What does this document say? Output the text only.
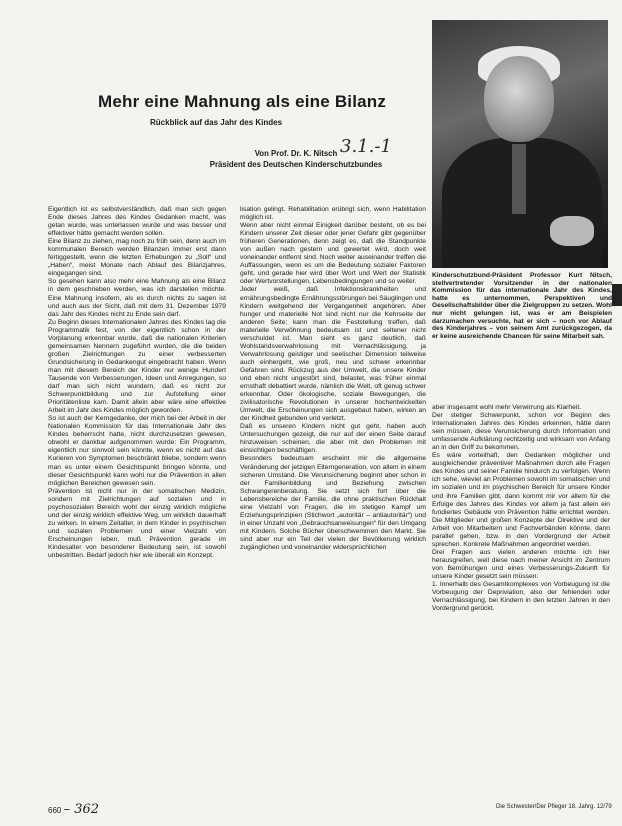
Mehr eine Mahnung als eine Bilanz
Rückblick auf das Jahr des Kindes
Von Prof. Dr. K. Nitsch
Präsident des Deutschen Kinderschutzbundes
3.1.-1
Kinderschutzbund-Präsident Professor Kurt Nitsch, stellvertretender Vorsitzender in der nationalen Kommission für das internationale Jahr des Kindes, hatte es unternommen, Perspektiven und Gesellschaftsbilder über die Zielgruppen zu setzen. Wohl nur nicht gelungen ist, was er am Beispielen darzumachen versuchte, hat er sich – noch vor Ablauf des Kinderjahres – von seinem Amt zurückgezogen, da er keine ausreichende Chancen für seine Mitarbeit sah.

Eigentlich ist es selbstverständlich, daß man sich gegen Ende dieses Jahres des Kindes Gedanken macht, was getan wurde, was unterlassen wurde und was besser und effektiver hätte gemacht werden sollen.

Eine Bilanz zu ziehen, mag noch zu früh sein, denn auch im kommunalen Bereich werden Bilanzen immer erst dann fertiggestellt, wenn die letzten Erhebungen zu „Soll“ und „Haben“, meist Monate nach Ablauf des Bilanzjahres, eingegangen sind.

So gesehen kann also mehr eine Mahnung als eine Bilanz in dem geschrieben werden, was ich darstellen möchte. Eine Mahnung insofern, als es durch nichts zu sagen ist und auch aus der Sicht, daß mit dem 31. Dezember 1979 das Jahr des Kindes nicht zu Ende sein darf.

Zu Beginn dieses Internationalen Jahres des Kindes lag die Programmatik fest, von der eigentlich schon in der Vorplanung erkennbar wurde, daß die nationalen Kriterien gemeinsamen Nennern zugeführt wurden, die die beiden großen Zielrichtungen zu einer verbesserten Grundsicherung in Gedankengut eingebracht haben. Wenn man mit diesem Bereich der Kinder nur wenige Hundert Tausende von Verbesserungen, Ideen und Anregungen, so darf man sich nicht wundern, daß es nicht zur Schwerpunktbildung und zur Aufstellung einer Prioritätenliste kam. Damit allein aber wäre eine effektive Arbeit im Jahr des Kindes möglich geworden.

So ist auch der Kerngedanke, der mich bei der Arbeit in der Nationalen Kommission für das Internationale Jahr des Kindes beherrscht hatte, nicht durchzusetzen gewesen, obwohl er dankbar aufgenommen wurde: Ein Programm, eigentlich nur sinnvoll sein könnte, wenn es nicht auf das Kurieren von Symptomen beschränkt bliebe, sondern wenn man es unter einem Gesichtspunkt bringen könnte, und dieser Gesichtspunkt kann wohl nur die Prävention in allen möglichen Bereichen gewesen sein.

Prävention ist nicht nur in der somatischen Medizin, sondern mit Zielrichtungen auf sozialen und in psychosozialen Bereich wohl der einzig wirklich mögliche und der einzig wirklich effektive Weg, um wirklich dauerhaft zu wirken. In einem Zeitalter, in dem Kinder in psychischen und sozialen Problemen und einer Vielzahl von Erscheinungen leben, muß Prävention gerade im Kindesalter von besonderer Bedeutung sein, ist sowohl unbestritten. Bedarf jedoch hier wie überall ein Konzept.

lisation gelingt. Rehabilitation erübrigt sich, wenn Habilitation möglich ist.

Wenn aber nicht einmal Einigkeit darüber besteht, ob es bei Kindern unserer Zeit dieser oder jener Gefahr gibt gegenüber früheren Generationen, denn zeigt es, daß die Standpunkte von außen nach gestern und gewertet wird, doch weit voneinander entfernt sind. Noch weiter auseinander treffen die Auffassungen, wenn es um die Bedeutung sozialer Faktoren geht, und gerade hier wird über Wort und Wert der Statistik oder Wertvorstellungen, Lebensbedingungen und so weiter.

Jeder weiß, daß Infektionskrankheiten und ernährungsbedingte Ernährungsstörungen bei Säuglingen und Kindern weitgehend der Vergangenheit angehören. Aber hunger und materielle Not sind nicht nur die Kehrseite der anderen Seite; kann man die Feststellung treffen, daß materielle Verwöhnung bedeutsam ist und seltener nicht verschuldet ist. Man sieht es ganz deutlich, daß Wohlstandsverwahrlosung mit Vernachlässigung, ja Verwahrlosung geistiger und seelischer Dimension teilweise auch einhergeht, wie groß, neu und schwer erkennbar Gefahren sind. Rückzug aus der Umwelt, die unsere Kinder und eben nicht ungestört sind, belastet, was früher einmal ernsthaft debattiert wurde, nämlich die Welt, oft genug schwer erkennbar. Oder ökologische, soziale Bewegungen, die zivilisatorische Revolutionen in unserer hochentwickelten Umwelt, die Erscheinungen sich ausgebaut haben, wirken an der Kindheit gebunden und verletzt.

Daß es unseren Kindern nicht gut geht, haben auch Untersuchungen gezeigt, die nur auf der einen Seite darauf hinzuweisen scheinen, die aber mit den Problemen mit einsichtigen beschäftigen.

Besonders bedeutsam erscheint mir die allgemeine Veränderung der jetzigen Elterngeneration, von allem in einem sicheren Umstand. Die Verunsicherung beginnt aber schon in der Familienbildung und Beziehung zwischen Schwangerenberatung. Sie setzt sich fort über die Lebensbereiche der Familie, die ohne praktischen Rückhalt eine Vielzahl von Fragen, die im stetigen Kampf um Erziehungsprinzipien (Stichwort „autoritär – antiautoritär“) und in einer Unzahl von „Gebrauchsanweisungen“ für den Umgang mit Kindern. Solche Bücher überschwemmen den Markt. Sie sind aber nur ein Teil der vielen der Bevölkerung wirklich zugänglichen und voneinander widersprüchlichen

aber insgesamt wohl mehr Verwirrung als Klarheit.

Der stetiger Schwerpunkt, schon vor Beginn des Internationalen Jahres des Kindes erkennen, hätte dann sein müssen, diese Verunsicherung durch Information und umfassende Aufklärung rechtzeitig und wirksam von Anfang an in den Griff zu bekommen.

Es wäre vorteilhaft, den Gedanken möglicher und ausgleichender präventiver Maßnahmen durch alle Fragen des Kindes und seiner Familie hindurch zu verfolgen. Wenn ich sehe, wieviel an Problemen sowohl im somatischen und im sozialen und im psychischen Bereich für unsere Kinder und ihre Familien gibt, dann kommt mir vor allem für die Erfolge des Jahres des Kindes vor allem ja fast allein ein fundiertes Gebäude von Prävention hätte errichtet werden. Die Mitglieder und großen Konzepte der Direktive und der Arbeit von Mitarbeitern und Fachverbänden könnte, dann parallel gehen, bzw. in den Vordergrund der Arbeit sprechen. Konkrete Maßnahmen angeordnet werden.

Drei Fragen aus vielen anderen möchte ich hier herausgreifen, weil diese nach meiner Ansicht im Zentrum von Bemühungen und eines Verbesserungs-Zukunft für unsere Kinder gesetzt sein müssen:

1. Innerhalb des Gesamtkomplexes von Vorbeugung ist die Vorbeugung der Depriviation, also der fehlenden oder Vernachlässigung, bei Kindern in den letzten Jahren in den Vordergrund gerückt.

660 – 362	Die Schwester/Der Pfleger 18. Jahrg. 12/79
